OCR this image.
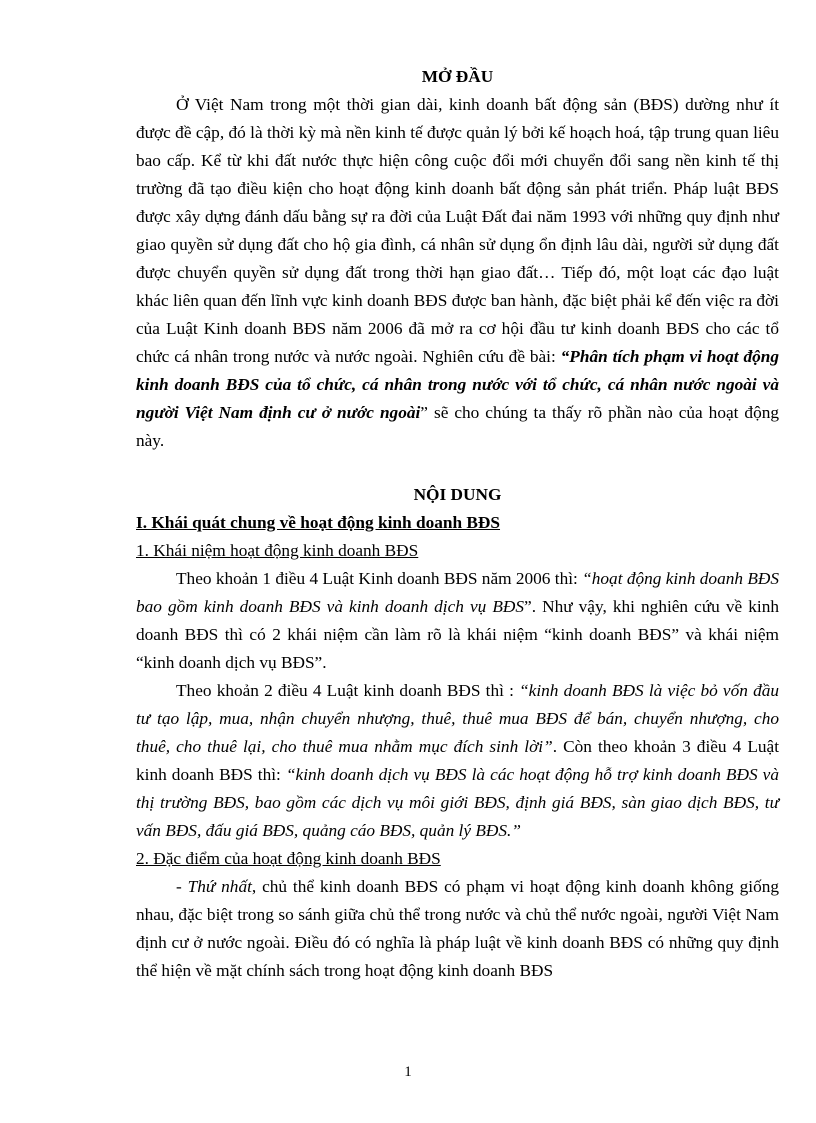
MỞ ĐẦU

Ở Việt Nam trong một thời gian dài, kinh doanh bất động sản (BĐS) dường như ít được đề cập, đó là thời kỳ mà nền kinh tế được quản lý bởi kế hoạch hoá, tập trung quan liêu bao cấp. Kể từ khi đất nước thực hiện công cuộc đổi mới chuyển đổi sang nền kinh tế thị trường đã tạo điều kiện cho hoạt động kinh doanh bất động sản phát triển. Pháp luật BĐS được xây dựng đánh dấu bằng sự ra đời của Luật Đất đai năm 1993 với những quy định như giao quyền sử dụng đất cho hộ gia đình, cá nhân sử dụng ổn định lâu dài, người sử dụng đất được chuyển quyền sử dụng đất trong thời hạn giao đất… Tiếp đó, một loạt các đạo luật khác liên quan đến lĩnh vực kinh doanh BĐS được ban hành, đặc biệt phải kể đến việc ra đời của Luật Kinh doanh BĐS năm 2006 đã mở ra cơ hội đầu tư kinh doanh BĐS cho các tổ chức cá nhân trong nước và nước ngoài. Nghiên cứu đề bài: “Phân tích phạm vi hoạt động kinh doanh BĐS của tổ chức, cá nhân trong nước với tổ chức, cá nhân nước ngoài và người Việt Nam định cư ở nước ngoài” sẽ cho chúng ta thấy rõ phần nào của hoạt động này.

NỘI DUNG

I. Khái quát chung về hoạt động kinh doanh BĐS

1. Khái niệm hoạt động kinh doanh BĐS

Theo khoản 1 điều 4 Luật Kinh doanh BĐS năm 2006 thì: “hoạt động kinh doanh BĐS bao gồm kinh doanh BĐS và kinh doanh dịch vụ BĐS”. Như vậy, khi nghiên cứu về kinh doanh BĐS thì có 2 khái niệm cần làm rõ là khái niệm “kinh doanh BĐS” và khái niệm “kinh doanh dịch vụ BĐS”.

Theo khoản 2 điều 4 Luật kinh doanh BĐS thì : “kinh doanh BĐS là việc bỏ vốn đầu tư tạo lập, mua, nhận chuyển nhượng, thuê, thuê mua BĐS để bán, chuyển nhượng, cho thuê, cho thuê lại, cho thuê mua nhằm mục đích sinh lời”. Còn theo khoản 3 điều 4 Luật kinh doanh BĐS thì: “kinh doanh dịch vụ BĐS là các hoạt động hỗ trợ kinh doanh BĐS và thị trường BĐS, bao gồm các dịch vụ môi giới BĐS, định giá BĐS, sàn giao dịch BĐS, tư vấn BĐS, đấu giá BĐS, quảng cáo BĐS, quản lý BĐS.”

2. Đặc điểm của hoạt động kinh doanh BĐS

- Thứ nhất, chủ thể kinh doanh BĐS có phạm vi hoạt động kinh doanh không giống nhau, đặc biệt trong so sánh giữa chủ thể trong nước và chủ thể nước ngoài, người Việt Nam định cư ở nước ngoài. Điều đó có nghĩa là pháp luật về kinh doanh BĐS có những quy định thể hiện về mặt chính sách trong hoạt động kinh doanh BĐS

1
